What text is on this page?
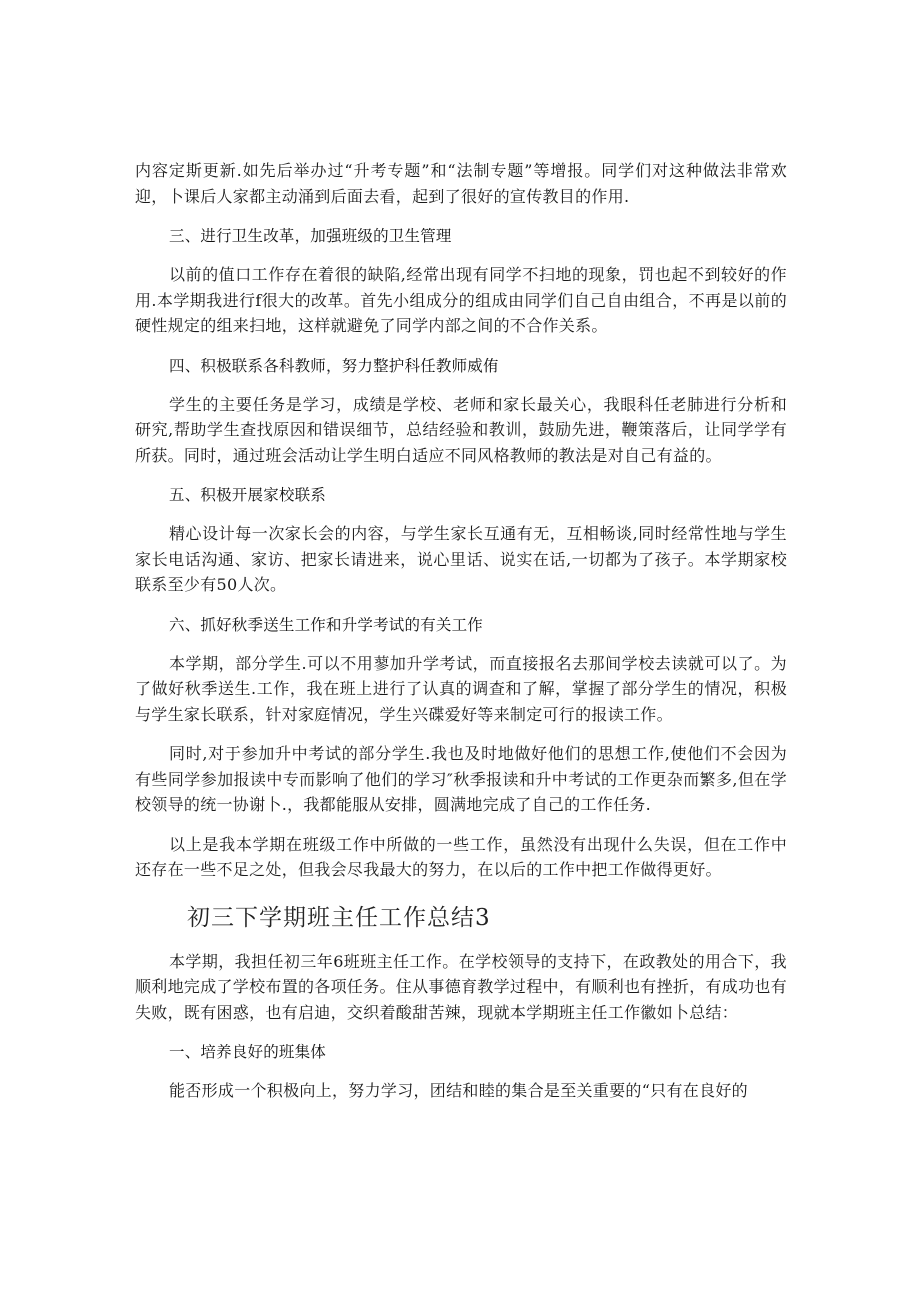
内容定斯更新.如先后举办过“升考专题”和“法制专题”等增报。同学们对这种做法非常欢迎，卜课后人家都主动涌到后面去看，起到了很好的宣传教目的作用.

三、进行卫生改革，加强班级的卫生管理

以前的值口工作存在着很的缺陷,经常出现有同学不扫地的现象，罚也起不到较好的作用.本学期我进行f很大的改革。首先小组成分的组成由同学们自己自由组合，不再是以前的硬性规定的组来扫地，这样就避免了同学内部之间的不合作关系。

四、积极联系各科教师，努力整护科任教师威侑

学生的主要任务是学习，成绩是学校、老师和家长最关心，我眼科任老肺进行分析和研究,帮助学生查找原因和错误细节，总结经验和教训，鼓励先进，鞭策落后，让同学学有所获。同时，通过班会活动让学生明白适应不同风格教师的教法是对自己有益的。

五、积极开展家校联系

精心设计每一次家长会的内容，与学生家长互通有无，互相畅谈,同时经常性地与学生家长电话沟通、家访、把家长请进来，说心里话、说实在话,一切都为了孩子。本学期家校联系至少有50人次。

六、抓好秋季送生工作和升学考试的有关工作

本学期，部分学生.可以不用蓼加升学考试，而直接报名去那间学校去读就可以了。为了做好秋季送生.工作，我在班上进行了认真的调查和了解，掌握了部分学生的情况，积极与学生家长联系，针对家庭情况，学生兴碟爱好等来制定可行的报读工作。

同时,对于参加升中考试的部分学生.我也及时地做好他们的思想工作,使他们不会因为有些同学参加报读中专而影响了他们的学习″秋季报读和升中考试的工作更杂而繁多,但在学校领导的统一协谢卜.，我都能服从安排，圆满地完成了自己的工作任务.

以上是我本学期在班级工作中所做的一些工作，虽然没有出现什么失误，但在工作中还存在一些不足之处，但我会尽我最大的努力，在以后的工作中把工作做得更好。

初三下学期班主任工作总结3

本学期，我担任初三年6班班主任工作。在学校领导的支持下，在政教处的用合下，我顺利地完成了学校布置的各项任务。住从事德育教学过程中，有顺利也有挫折，有成功也有失败，既有困惑，也有启迪，交织着酸甜苦辣，现就本学期班主任工作徽如卜总结：

一、培养良好的班集体

能否形成一个积极向上，努力学习，团结和睦的集合是至关重要的“只有在良好的
